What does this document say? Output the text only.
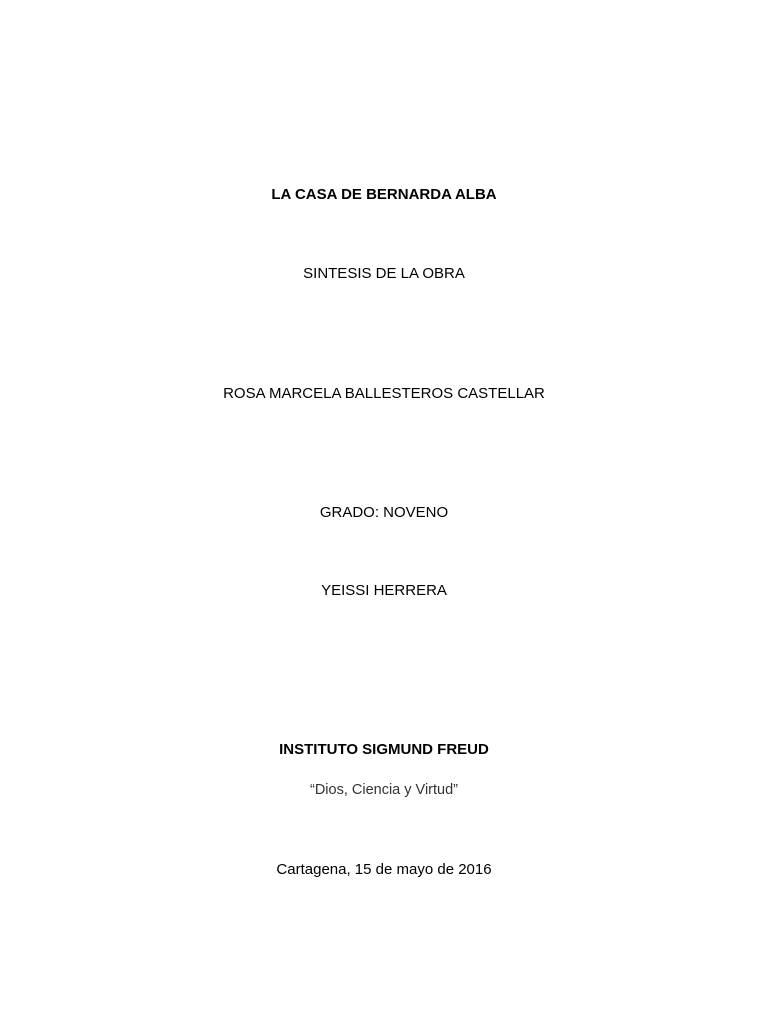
LA CASA DE BERNARDA ALBA
SINTESIS DE LA OBRA
ROSA MARCELA BALLESTEROS CASTELLAR
GRADO: NOVENO
YEISSI HERRERA
INSTITUTO SIGMUND FREUD
“Dios, Ciencia y Virtud”
Cartagena, 15 de mayo de 2016
